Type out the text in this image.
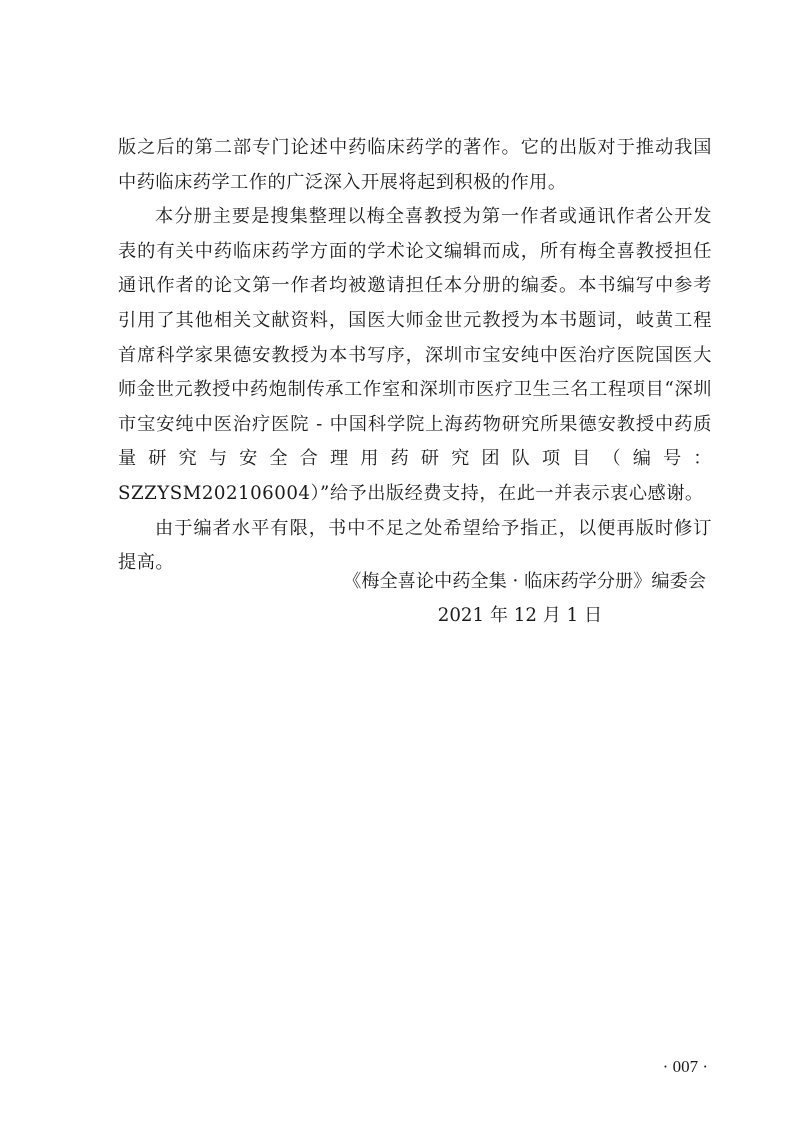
版之后的第二部专门论述中药临床药学的著作。它的出版对于推动我国中药临床药学工作的广泛深入开展将起到积极的作用。

本分册主要是搜集整理以梅全喜教授为第一作者或通讯作者公开发表的有关中药临床药学方面的学术论文编辑而成，所有梅全喜教授担任通讯作者的论文第一作者均被邀请担任本分册的编委。本书编写中参考引用了其他相关文献资料，国医大师金世元教授为本书题词，岐黄工程首席科学家果德安教授为本书写序，深圳市宝安纯中医治疗医院国医大师金世元教授中药炮制传承工作室和深圳市医疗卫生三名工程项目“深圳市宝安纯中医治疗医院 - 中国科学院上海药物研究所果德安教授中药质量研究与安全合理用药研究团队项目（编号：SZZYSM202106004）”给予出版经费支持，在此一并表示衷心感谢。

由于编者水平有限，书中不足之处希望给予指正，以便再版时修订提高。

《梅全喜论中药全集 · 临床药学分册》编委会
2021 年 12 月 1 日
· 007 ·
